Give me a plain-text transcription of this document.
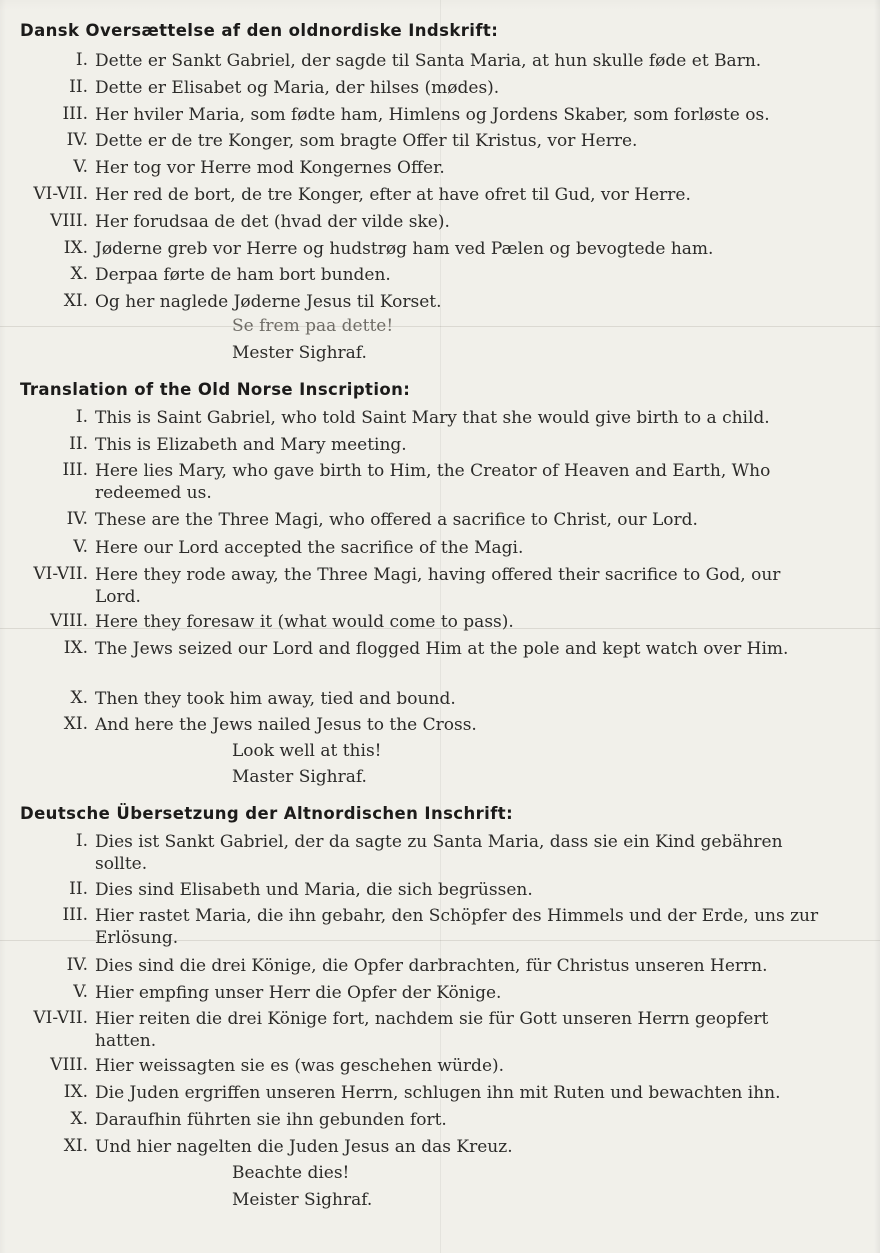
Dansk Oversættelse af den oldnordiske Indskrift:
I. Dette er Sankt Gabriel, der sagde til Santa Maria, at hun skulle føde et Barn.
II. Dette er Elisabet og Maria, der hilses (mødes).
III. Her hviler Maria, som fødte ham, Himlens og Jordens Skaber, som forløste os.
IV. Dette er de tre Konger, som bragte Offer til Kristus, vor Herre.
V. Her tog vor Herre mod Kongernes Offer.
VI-VII. Her red de bort, de tre Konger, efter at have ofret til Gud, vor Herre.
VIII. Her forudsaa de det (hvad der vilde ske).
IX. Jøderne greb vor Herre og hudstrøg ham ved Pælen og bevogtede ham.
X. Derpaa førte de ham bort bunden.
XI. Og her naglede Jøderne Jesus til Korset.
Se frem paa dette!
Mester Sighraf.
Translation of the Old Norse Inscription:
I. This is Saint Gabriel, who told Saint Mary that she would give birth to a child.
II. This is Elizabeth and Mary meeting.
III. Here lies Mary, who gave birth to Him, the Creator of Heaven and Earth, Who redeemed us.
IV. These are the Three Magi, who offered a sacrifice to Christ, our Lord.
V. Here our Lord accepted the sacrifice of the Magi.
VI-VII. Here they rode away, the Three Magi, having offered their sacrifice to God, our Lord.
VIII. Here they foresaw it (what would come to pass).
IX. The Jews seized our Lord and flogged Him at the pole and kept watch over Him.
X. Then they took him away, tied and bound.
XI. And here the Jews nailed Jesus to the Cross.
Look well at this!
Master Sighraf.
Deutsche Übersetzung der Altnordischen Inschrift:
I. Dies ist Sankt Gabriel, der da sagte zu Santa Maria, dass sie ein Kind gebähren sollte.
II. Dies sind Elisabeth und Maria, die sich begrüssen.
III. Hier rastet Maria, die ihn gebahr, den Schöpfer des Himmels und der Erde, uns zur Erlösung.
IV. Dies sind die drei Könige, die Opfer darbrachten, für Christus unseren Herrn.
V. Hier empfing unser Herr die Opfer der Könige.
VI-VII. Hier reiten die drei Könige fort, nachdem sie für Gott unseren Herrn geopfert hatten.
VIII. Hier weissagten sie es (was geschehen würde).
IX. Die Juden ergriffen unseren Herrn, schlugen ihn mit Ruten und bewachten ihn.
X. Daraufhin führten sie ihn gebunden fort.
XI. Und hier nagelten die Juden Jesus an das Kreuz.
Beachte dies!
Meister Sighraf.
